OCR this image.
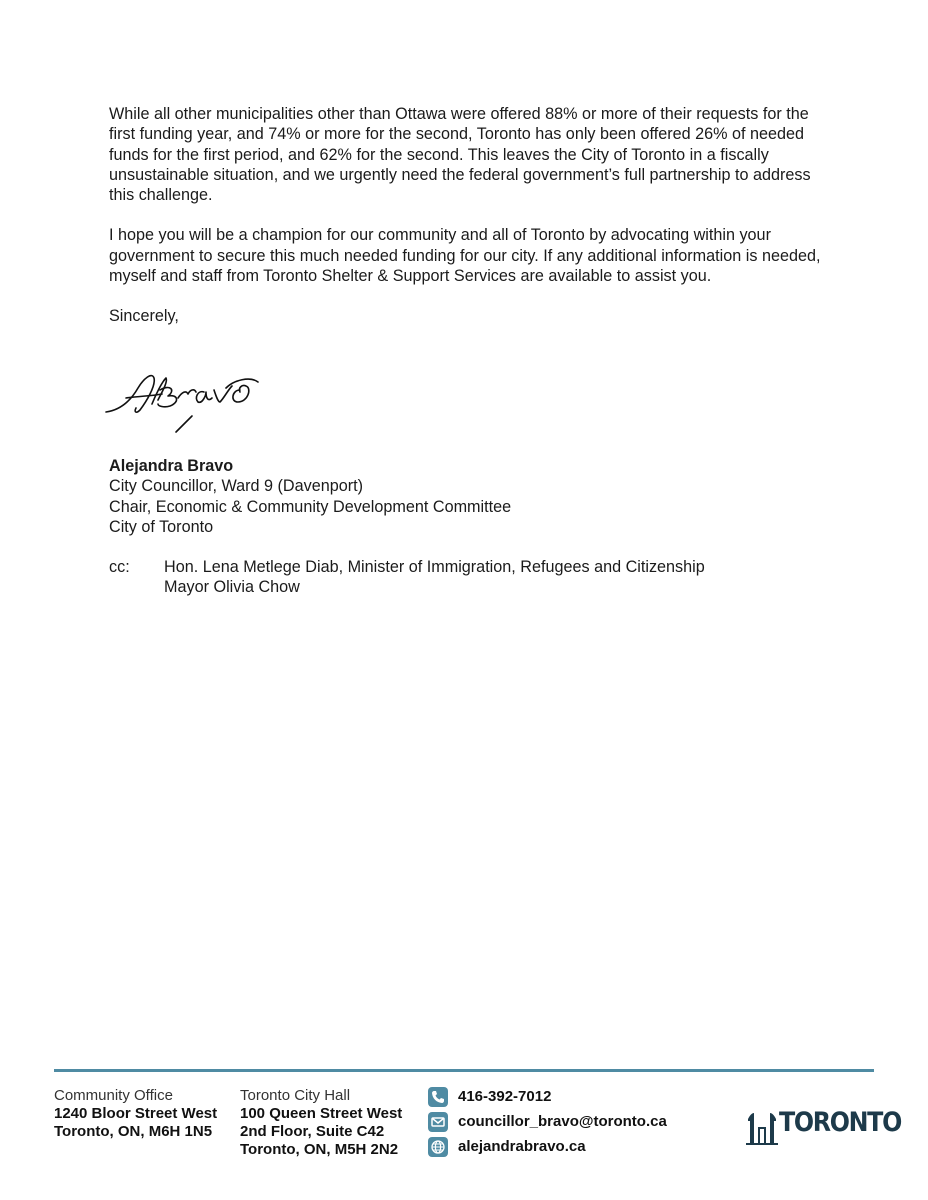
While all other municipalities other than Ottawa were offered 88% or more of their requests for the first funding year, and 74% or more for the second, Toronto has only been offered 26% of needed funds for the first period, and 62% for the second. This leaves the City of Toronto in a fiscally unsustainable situation, and we urgently need the federal government’s full partnership to address this challenge.

I hope you will be a champion for our community and all of Toronto by advocating within your government to secure this much needed funding for our city. If any additional information is needed, myself and staff from Toronto Shelter & Support Services are available to assist you.

Sincerely,

Alejandra Bravo
City Councillor, Ward 9 (Davenport)
Chair, Economic & Community Development Committee
City of Toronto
cc: Hon. Lena Metlege Diab, Minister of Immigration, Refugees and Citizenship
Mayor Olivia Chow
Community Office
1240 Bloor Street West
Toronto, ON, M6H 1N5
Toronto City Hall
100 Queen Street West
2nd Floor, Suite C42
Toronto, ON, M5H 2N2
416-392-7012
councillor_bravo@toronto.ca
alejandrabravo.ca
TORONTO
